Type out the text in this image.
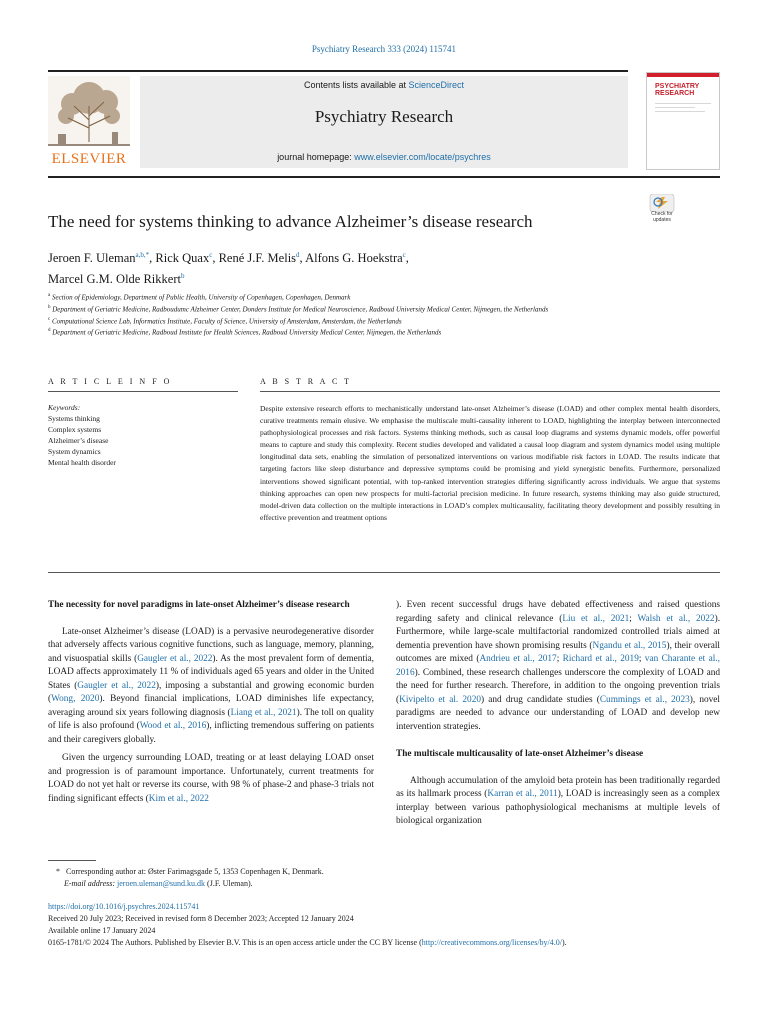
Psychiatry Research 333 (2024) 115741
ELSEVIER
Contents lists available at ScienceDirect
Psychiatry Research
journal homepage: www.elsevier.com/locate/psychres
PSYCHIATRY RESEARCH
The need for systems thinking to advance Alzheimer’s disease research	Check for updates
Jeroen F. Uleman$^{a,b,*}$, Rick Quax$^c$, René J.F. Melis$^d$, Alfons G. Hoekstra$^c$,
Marcel G.M. Olde Rikkert$^b$
$^a$ Section of Epidemiology, Department of Public Health, University of Copenhagen, Copenhagen, Denmark
$^b$ Department of Geriatric Medicine, Radboudumc Alzheimer Center, Donders Institute for Medical Neuroscience, Radboud University Medical Center, Nijmegen, the Netherlands
$^c$ Computational Science Lab, Informatics Institute, Faculty of Science, University of Amsterdam, Amsterdam, the Netherlands
$^d$ Department of Geriatric Medicine, Radboud Institute for Health Sciences, Radboud University Medical Center, Nijmegen, the Netherlands
A R T I C L E I N F O	A B S T R A C T
Keywords:
Systems thinking
Complex systems
Alzheimer’s disease
System dynamics
Mental health disorder
Despite extensive research efforts to mechanistically understand late-onset Alzheimer’s disease (LOAD) and other complex mental health disorders, curative treatments remain elusive. We emphasise the multiscale multi-causality inherent to LOAD, highlighting the interplay between interconnected pathophysiological processes and risk factors. Systems thinking methods, such as causal loop diagrams and systems dynamic models, offer powerful means to capture and study this complexity. Recent studies developed and validated a causal loop diagram and system dynamics model using multiple longitudinal data sets, enabling the simulation of personalized interventions on various modifiable risk factors in LOAD. The results indicate that targeting factors like sleep disturbance and depressive symptoms could be promising and yield synergistic benefits. Furthermore, personalized interventions showed significant potential, with top-ranked intervention strategies differing significantly across individuals. We argue that systems thinking approaches can open new prospects for multi-factorial precision medicine. In future research, systems thinking may also guide structured, model-driven data collection on the multiple interactions in LOAD’s complex multicausality, facilitating theory development and possibly resulting in effective prevention and treatment options
The necessity for novel paradigms in late-onset Alzheimer’s disease research

Late-onset Alzheimer’s disease (LOAD) is a pervasive neurodegenerative disorder that adversely affects various cognitive functions, such as language, memory, planning, and visuospatial skills (Gaugler et al., 2022). As the most prevalent form of dementia, LOAD affects approximately 11 % of individuals aged 65 years and older in the United States (Gaugler et al., 2022), imposing a substantial and growing economic burden (Wong, 2020). Beyond financial implications, LOAD diminishes life expectancy, averaging around six years following diagnosis (Liang et al., 2021). The toll on quality of life is also profound (Wood et al., 2016), inflicting tremendous suffering on patients and their caregivers globally.

Given the urgency surrounding LOAD, treating or at least delaying LOAD onset and progression is of paramount importance. Unfortunately, current treatments for LOAD do not yet halt or reverse its course, with 98 % of phase-2 and phase-3 trials not finding significant effects (Kim et al., 2022

). Even recent successful drugs have debated effectiveness and raised questions regarding safety and clinical relevance (Liu et al., 2021; Walsh et al., 2022). Furthermore, while large-scale multifactorial randomized controlled trials aimed at dementia prevention have shown promising results (Ngandu et al., 2015), their overall outcomes are mixed (Andrieu et al., 2017; Richard et al., 2019; van Charante et al., 2016). Combined, these research challenges underscore the complexity of LOAD and the need for further research. Therefore, in addition to the ongoing prevention trials (Kivipelto et al. 2020) and drug candidate studies (Cummings et al., 2023), novel paradigms are needed to advance our understanding of LOAD and develop new intervention strategies.

The multiscale multicausality of late-onset Alzheimer’s disease

Although accumulation of the amyloid beta protein has been traditionally regarded as its hallmark process (Karran et al., 2011), LOAD is increasingly seen as a complex interplay between various pathophysiological mechanisms at multiple levels of biological organization

* Corresponding author at: Øster Farimagsgade 5, 1353 Copenhagen K, Denmark.
E-mail address: jeroen.uleman@sund.ku.dk (J.F. Uleman).
https://doi.org/10.1016/j.psychres.2024.115741
Received 20 July 2023; Received in revised form 8 December 2023; Accepted 12 January 2024
Available online 17 January 2024
0165-1781/© 2024 The Authors. Published by Elsevier B.V. This is an open access article under the CC BY license (http://creativecommons.org/licenses/by/4.0/).
